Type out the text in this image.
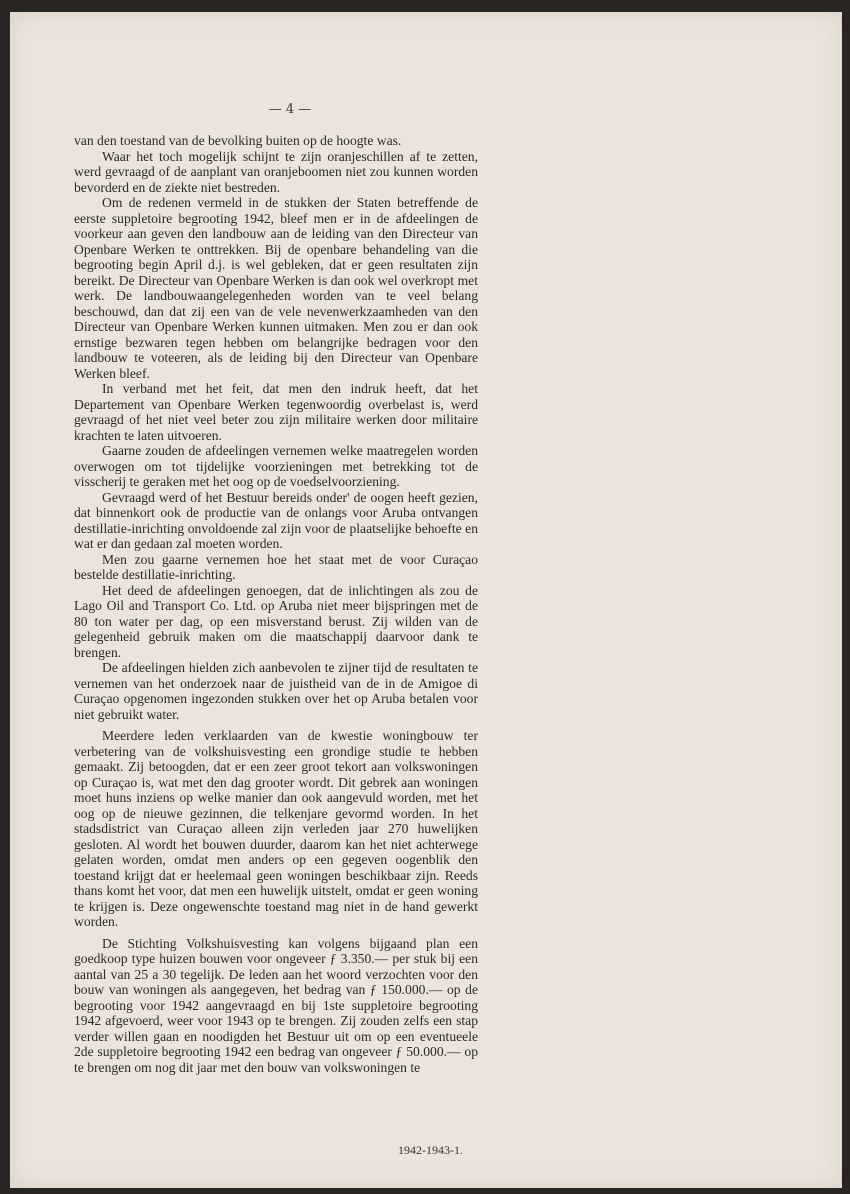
— 4 —

van den toestand van de bevolking buiten op de hoogte was.

Waar het toch mogelijk schijnt te zijn oranjeschillen af te zetten, werd gevraagd of de aanplant van oranjeboomen niet zou kunnen worden bevorderd en de ziekte niet bestreden.

Om de redenen vermeld in de stukken der Staten betreffende de eerste suppletoire begrooting 1942, bleef men er in de afdeelingen de voorkeur aan geven den landbouw aan de leiding van den Directeur van Openbare Werken te onttrekken. Bij de openbare behandeling van die begrooting begin April d.j. is wel gebleken, dat er geen resultaten zijn bereikt. De Directeur van Openbare Werken is dan ook wel overkropt met werk. De landbouwaangelegenheden worden van te veel belang beschouwd, dan dat zij een van de vele nevenwerkzaamheden van den Directeur van Openbare Werken kunnen uitmaken. Men zou er dan ook ernstige bezwaren tegen hebben om belangrijke bedragen voor den landbouw te voteeren, als de leiding bij den Directeur van Openbare Werken bleef.

In verband met het feit, dat men den indruk heeft, dat het Departement van Openbare Werken tegenwoordig overbelast is, werd gevraagd of het niet veel beter zou zijn militaire werken door militaire krachten te laten uitvoeren.

Gaarne zouden de afdeelingen vernemen welke maatregelen worden overwogen om tot tijdelijke voorzieningen met betrekking tot de visscherij te geraken met het oog op de voedselvoorziening.

Gevraagd werd of het Bestuur bereids onder' de oogen heeft gezien, dat binnenkort ook de productie van de onlangs voor Aruba ontvangen destillatie-inrichting onvoldoende zal zijn voor de plaatselijke behoefte en wat er dan gedaan zal moeten worden.

Men zou gaarne vernemen hoe het staat met de voor Curaçao bestelde destillatie-inrichting.

Het deed de afdeelingen genoegen, dat de inlichtingen als zou de Lago Oil and Transport Co. Ltd. op Aruba niet meer bijspringen met de 80 ton water per dag, op een misverstand berust. Zij wilden van de gelegenheid gebruik maken om die maatschappij daarvoor dank te brengen.

De afdeelingen hielden zich aanbevolen te zijner tijd de resultaten te vernemen van het onderzoek naar de juistheid van de in de Amigoe di Curaçao opgenomen ingezonden stukken over het op Aruba betalen voor niet gebruikt water.

Meerdere leden verklaarden van de kwestie woningbouw ter verbetering van de volkshuisvesting een grondige studie te hebben gemaakt. Zij betoogden, dat er een zeer groot tekort aan volkswoningen op Curaçao is, wat met den dag grooter wordt. Dit gebrek aan woningen moet huns inziens op welke manier dan ook aangevuld worden, met het oog op de nieuwe gezinnen, die telkenjare gevormd worden. In het stadsdistrict van Curaçao alleen zijn verleden jaar 270 huwelijken gesloten. Al wordt het bouwen duurder, daarom kan het niet achterwege gelaten worden, omdat men anders op een gegeven oogenblik den toestand krijgt dat er heelemaal geen woningen beschikbaar zijn. Reeds thans komt het voor, dat men een huwelijk uitstelt, omdat er geen woning te krijgen is. Deze ongewenschte toestand mag niet in de hand gewerkt worden.

De Stichting Volkshuisvesting kan volgens bijgaand plan een goedkoop type huizen bouwen voor ongeveer ƒ 3.350.— per stuk bij een aantal van 25 a 30 tegelijk. De leden aan het woord verzochten voor den bouw van woningen als aangegeven, het bedrag van ƒ 150.000.— op de begrooting voor 1942 aangevraagd en bij 1ste suppletoire begrooting 1942 afgevoerd, weer voor 1943 op te brengen. Zij zouden zelfs een stap verder willen gaan en noodigden het Bestuur uit om op een eventueele 2de suppletoire begrooting 1942 een bedrag van ongeveer ƒ 50.000.— op te brengen om nog dit jaar met den bouw van volkswoningen te

1942-1943-1.
